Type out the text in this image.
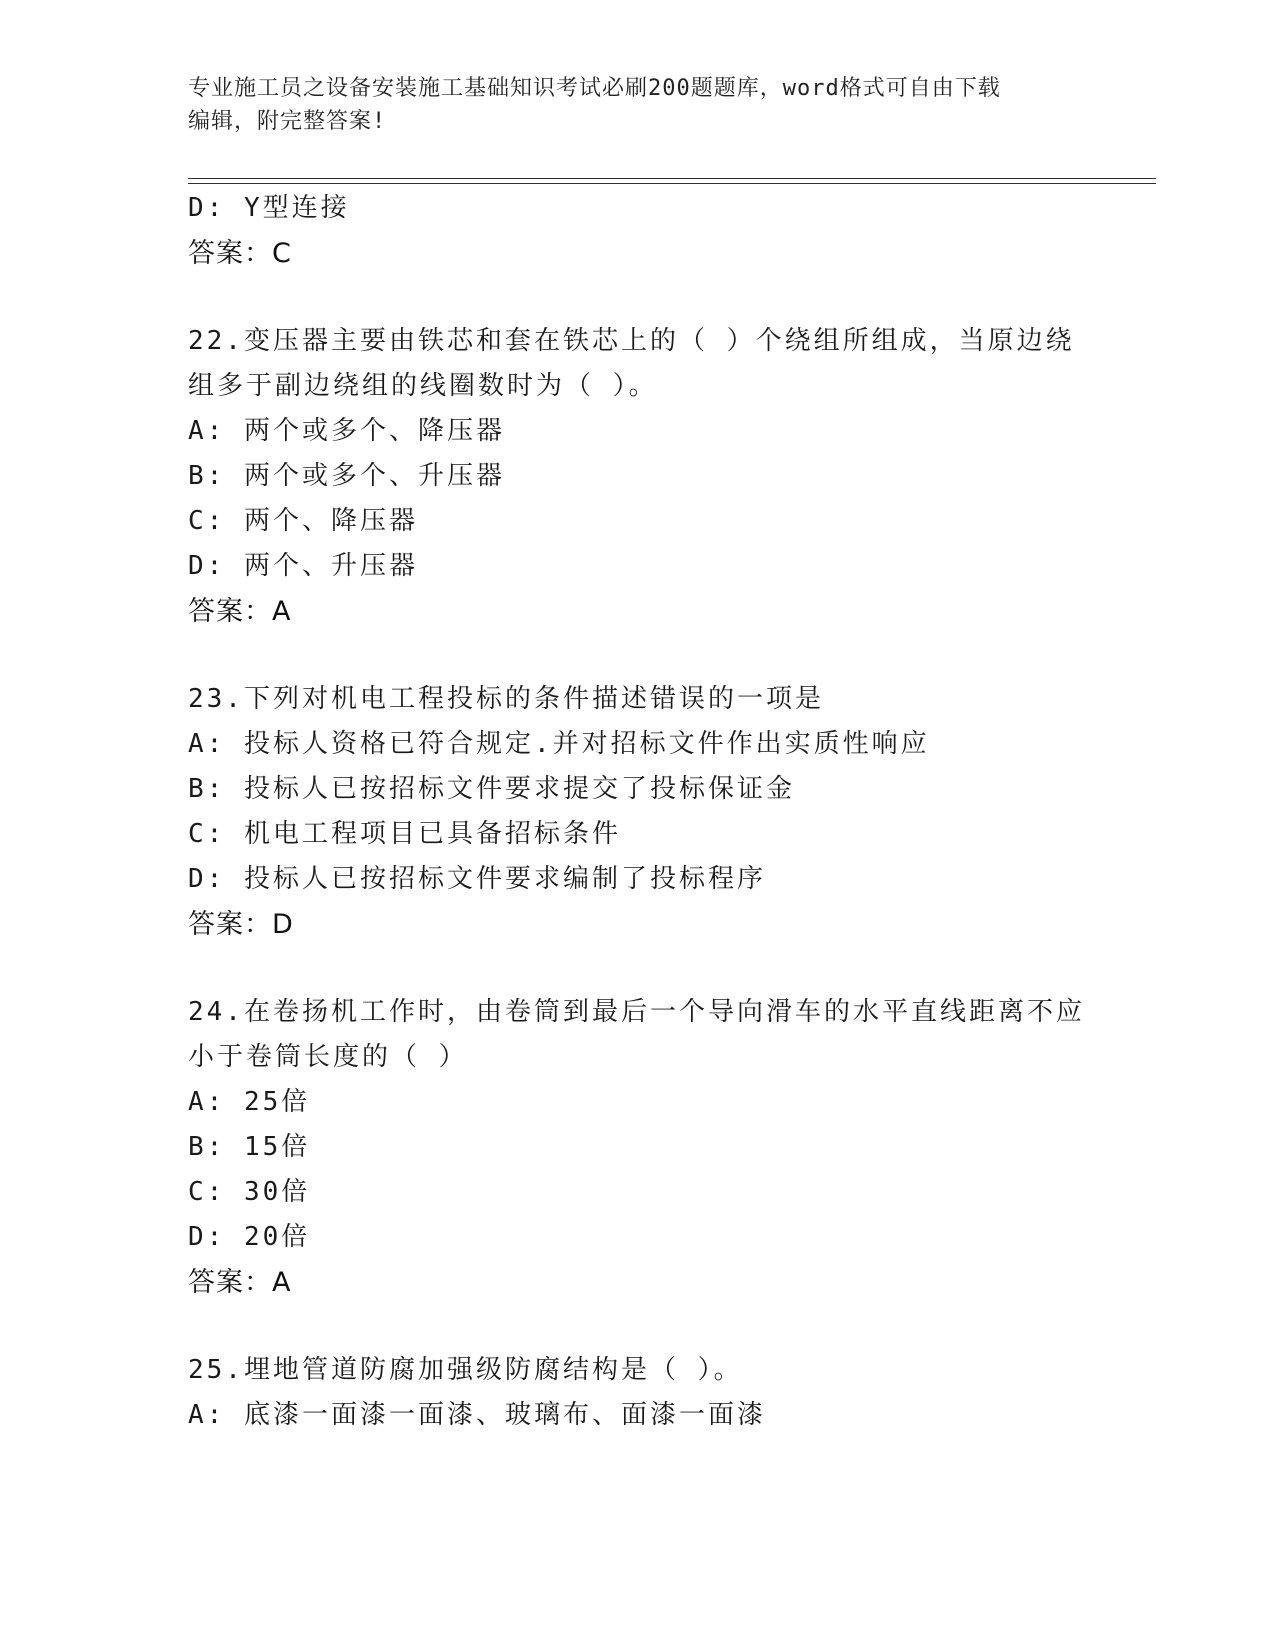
专业施工员之设备安装施工基础知识考试必刷200题题库，word格式可自由下载
编辑，附完整答案!
D: Y型连接
答案：C
22.变压器主要由铁芯和套在铁芯上的（ ）个绕组所组成，当原边绕
组多于副边绕组的线圈数时为（ ）。
A: 两个或多个、降压器
B: 两个或多个、升压器
C: 两个、降压器
D: 两个、升压器
答案：A
23.下列对机电工程投标的条件描述错误的一项是
A: 投标人资格已符合规定.并对招标文件作出实质性响应
B: 投标人已按招标文件要求提交了投标保证金
C: 机电工程项目已具备招标条件
D: 投标人已按招标文件要求编制了投标程序
答案：D
24.在卷扬机工作时，由卷筒到最后一个导向滑车的水平直线距离不应
小于卷筒长度的（ ）
A: 25倍
B: 15倍
C: 30倍
D: 20倍
答案：A
25.埋地管道防腐加强级防腐结构是（ ）。
A: 底漆一面漆一面漆、玻璃布、面漆一面漆
